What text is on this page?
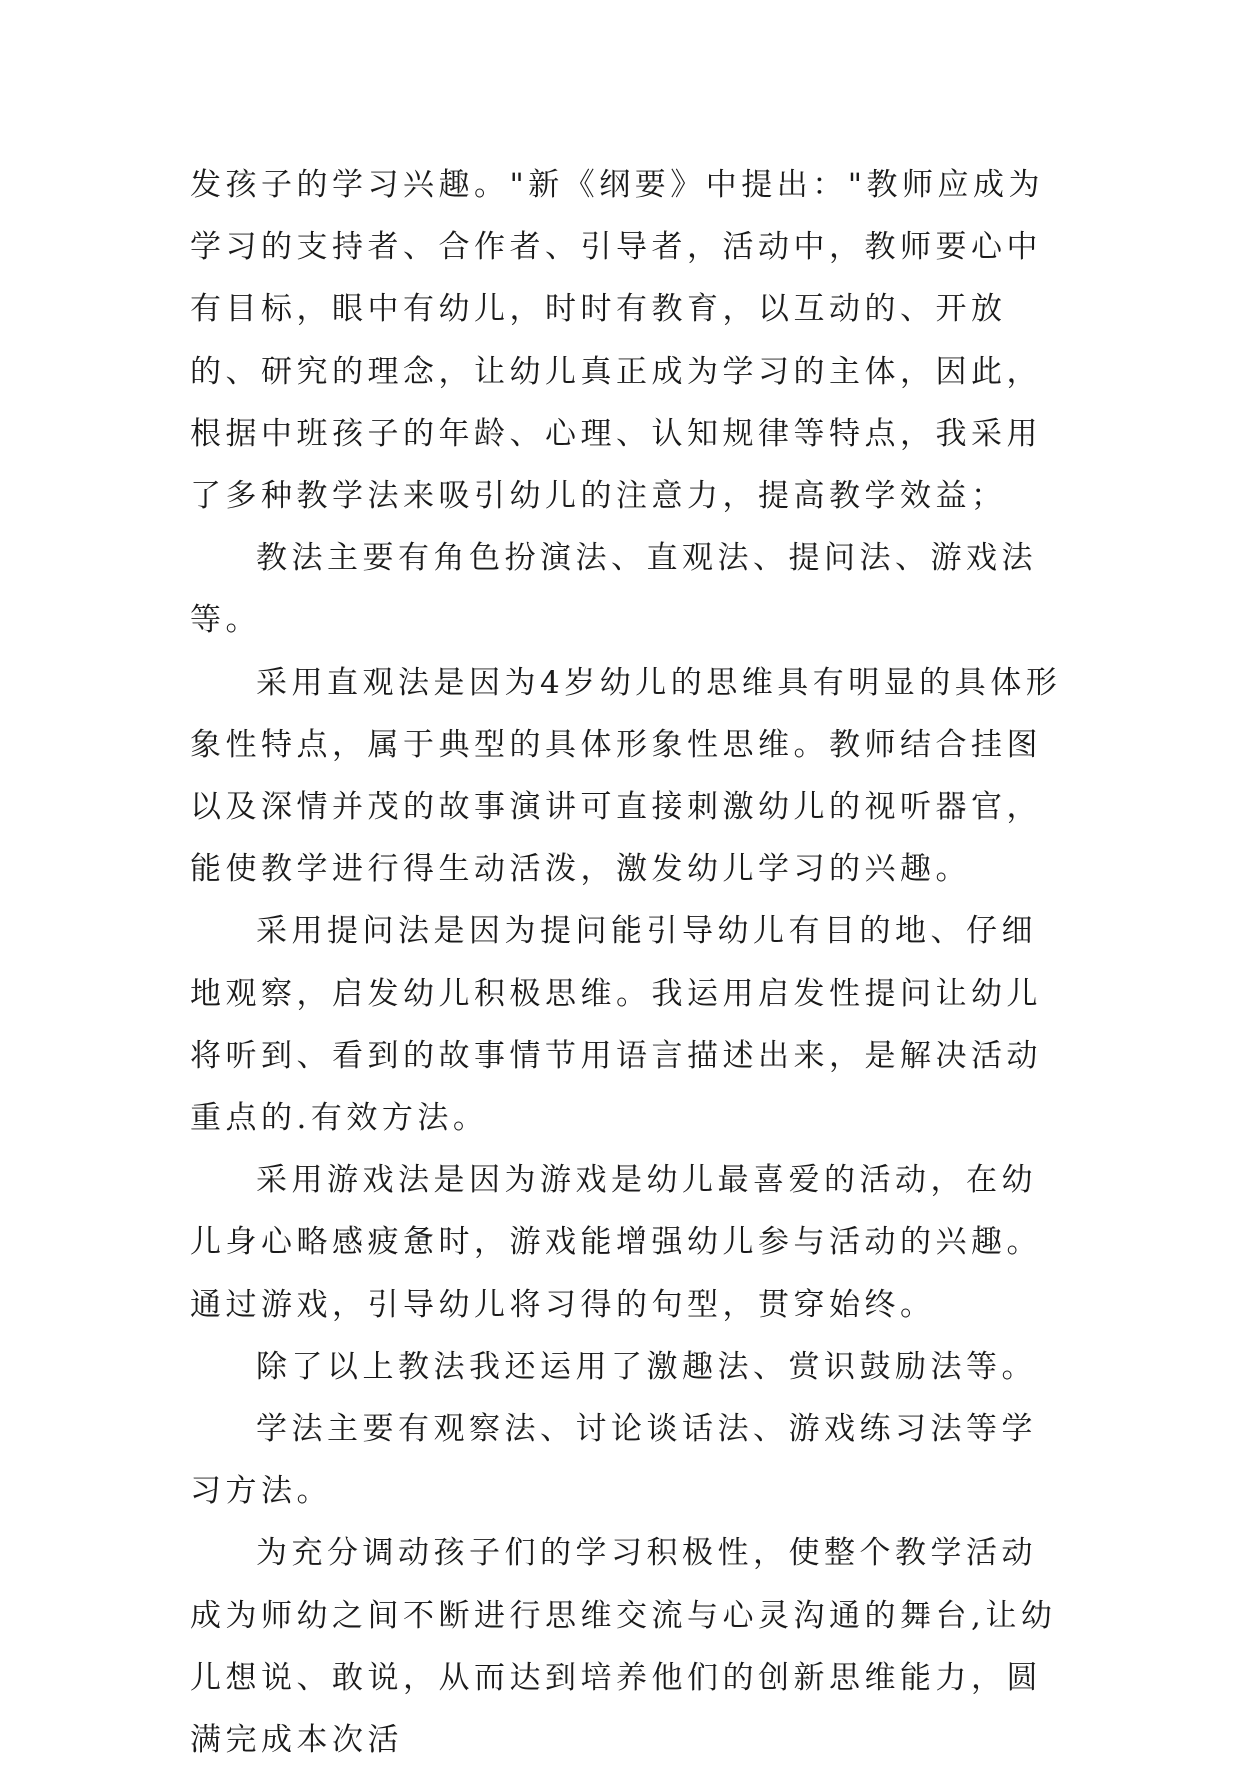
发孩子的学习兴趣。"新《纲要》中提出："教师应成为学习的支持者、合作者、引导者，活动中，教师要心中有目标，眼中有幼儿，时时有教育，以互动的、开放的、研究的理念，让幼儿真正成为学习的主体，因此，根据中班孩子的年龄、心理、认知规律等特点，我采用了多种教学法来吸引幼儿的注意力，提高教学效益；

教法主要有角色扮演法、直观法、提问法、游戏法等。

采用直观法是因为4岁幼儿的思维具有明显的具体形象性特点，属于典型的具体形象性思维。教师结合挂图以及深情并茂的故事演讲可直接刺激幼儿的视听器官，能使教学进行得生动活泼，激发幼儿学习的兴趣。

采用提问法是因为提问能引导幼儿有目的地、仔细地观察，启发幼儿积极思维。我运用启发性提问让幼儿将听到、看到的故事情节用语言描述出来，是解决活动重点的.有效方法。

采用游戏法是因为游戏是幼儿最喜爱的活动，在幼儿身心略感疲惫时，游戏能增强幼儿参与活动的兴趣。通过游戏，引导幼儿将习得的句型，贯穿始终。

除了以上教法我还运用了激趣法、赏识鼓励法等。

学法主要有观察法、讨论谈话法、游戏练习法等学习方法。

为充分调动孩子们的学习积极性，使整个教学活动成为师幼之间不断进行思维交流与心灵沟通的舞台,让幼儿想说、敢说，从而达到培养他们的创新思维能力，圆满完成本次活
